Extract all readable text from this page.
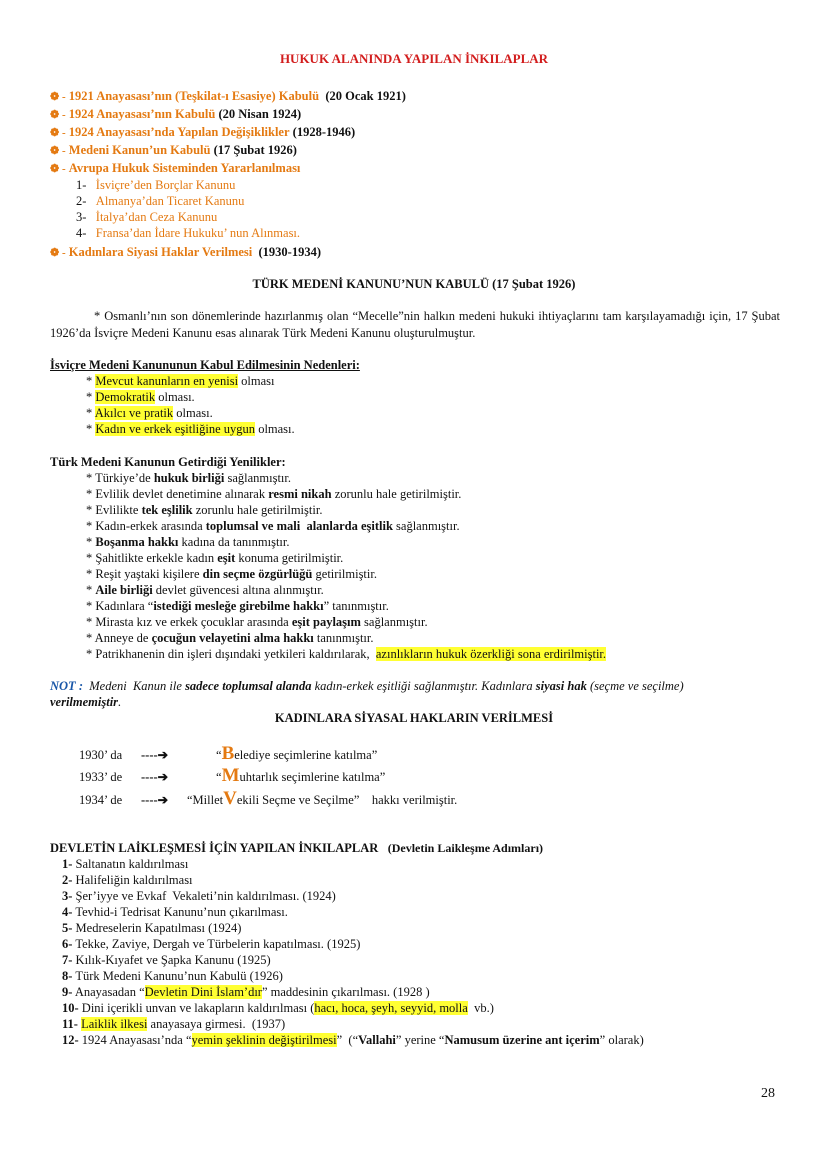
HUKUK ALANINDA YAPILAN İNKILAPLAR
❁ - 1921 Anayasası’nın (Teşkilat-ı Esasiye) Kabulü (20 Ocak 1921)
❁ - 1924 Anayasası’nın Kabulü (20 Nisan 1924)
❁ - 1924 Anayasası’nda Yapılan Değişiklikler (1928-1946)
❁ - Medeni Kanun’un Kabulü (17 Şubat 1926)
❁ - Avrupa Hukuk Sisteminden Yararlanılması
1- İsviçre’den Borçlar Kanunu
2- Almanya’dan Ticaret Kanunu
3- İtalya’dan Ceza Kanunu
4- Fransa’dan İdare Hukuku’ nun Alınması.
❁ - Kadınlara Siyasi Haklar Verilmesi (1930-1934)
TÜRK MEDENİ KANUNU’NUN KABULÜ (17 Şubat 1926)
* Osmanlı’nın son dönemlerinde hazırlanmış olan “Mecelle”nin halkın medeni hukuki ihtiyaçlarını tam karşılayamadığı için, 17 Şubat 1926’da İsviçre Medeni Kanunu esas alınarak Türk Medeni Kanunu oluşturulmuştur.
İsviçre Medeni Kanununun Kabul Edilmesinin Nedenleri:
* Mevcut kanunların en yenisi olması
* Demokratik olması.
* Akılcı ve pratik olması.
* Kadın ve erkek eşitliğine uygun olması.
Türk Medeni Kanunun Getirdiği Yenilikler:
* Türkiye’de hukuk birliği sağlanmıştır.
* Evlilik devlet denetimine alınarak resmi nikah zorunlu hale getirilmiştir.
* Evlilikte tek eşlilik zorunlu hale getirilmiştir.
* Kadın-erkek arasında toplumsal ve mali  alanlarda eşitlik sağlanmıştır.
* Boşanma hakkı kadına da tanınmıştır.
* Şahitlikte erkekle kadın eşit konuma getirilmiştir.
* Reşit yaştaki kişilere din seçme özgürlüğü getirilmiştir.
* Aile birliği devlet güvencesi altına alınmıştır.
* Kadınlara “istediği mesleğe girebilme hakkı” tanınmıştır.
* Mirasta kız ve erkek çocuklar arasında eşit paylaşım sağlanmıştır.
* Anneye de çocuğun velayetini alma hakkı tanınmıştır.
* Patrikhanenin din işleri dışındaki yetkileri kaldırılarak,  azınlıkların hukuk özerkliği sona erdirilmiştir.
NOT :  Medeni  Kanun ile sadece toplumsal alanda kadın-erkek eşitliği sağlanmıştır. Kadınlara siyasi hak (seçme ve seçilme)
verilmemiştir.
KADINLARA SİYASAL HAKLARIN VERİLMESİ
1930’ da ----➔	“Belediye seçimlerine katılma”
1933’ de ----➔	“Muhtarlık seçimlerine katılma”
1934’ de ----➔ “MilletVekili Seçme ve Seçilme”    hakkı verilmiştir.
DEVLETİN LAİKLEŞMESİ İÇİN YAPILAN İNKILAPLAR (Devletin Laikleşme Adımları)
1- Saltanatın kaldırılması
2- Halifeliğin kaldırılması
3- Şer’iyye ve Evkaf  Vekaleti’nin kaldırılması. (1924)
4- Tevhid-i Tedrisat Kanunu’nun çıkarılması.
5- Medreselerin Kapatılması (1924)
6- Tekke, Zaviye, Dergah ve Türbelerin kapatılması. (1925)
7- Kılık-Kıyafet ve Şapka Kanunu (1925)
8- Türk Medeni Kanunu’nun Kabulü (1926)
9- Anayasadan “Devletin Dini İslam’dır” maddesinin çıkarılması. (1928 )
10- Dini içerikli unvan ve lakapların kaldırılması (hacı, hoca, şeyh, seyyid, molla  vb.)
11- Laiklik ilkesi anayasaya girmesi.  (1937)
12- 1924 Anayasası’nda “yemin şeklinin değiştirilmesi”  (“Vallahi” yerine “Namusum üzerine ant içerim” olarak)
28
